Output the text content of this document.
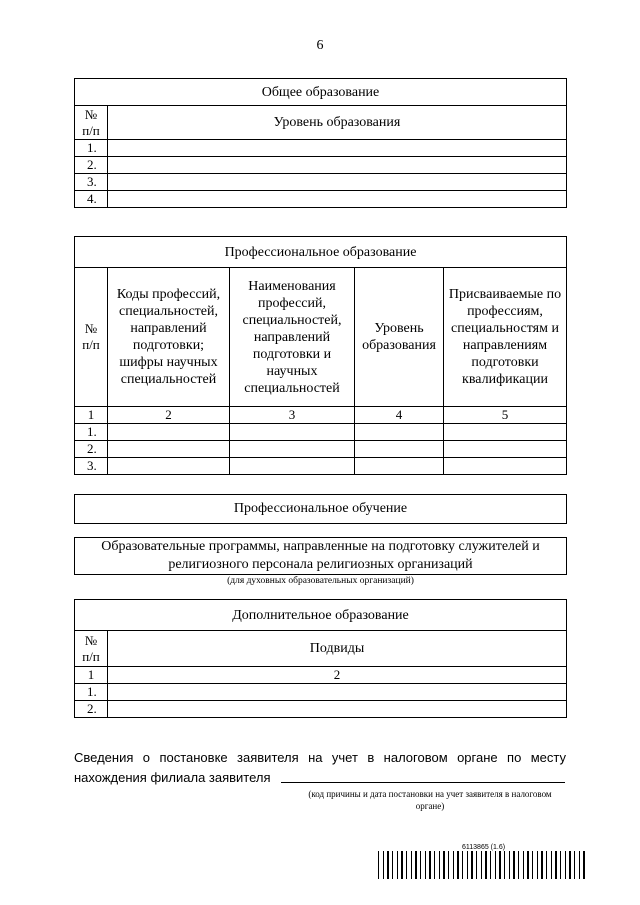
6
Общее образование	
№
п/п	Уровень образования
1.	
2.	
3.	
4.	
Профессиональное образование				
№
п/п	Коды профессий, специальностей, направлений подготовки; шифры научных специальностей	Наименования профессий, специальностей, направлений подготовки и научных специальностей	Уровень образования	Присваиваемые по профессиям, специальностям и направлениям подготовки квалификации
1	2	3	4	5
1.				
2.				
3.				
Профессиональное обучение
Образовательные программы, направленные на подготовку служителей и религиозного персонала религиозных организаций
(для духовных образовательных организаций)
Дополнительное образование	
№
п/п	Подвиды
1	2
1.	
2.	
Сведения о постановке заявителя на учет в налоговом органе по месту нахождения филиала заявителя
(код причины и дата постановки на учет заявителя в налоговом органе)
6113865 (1.6)
